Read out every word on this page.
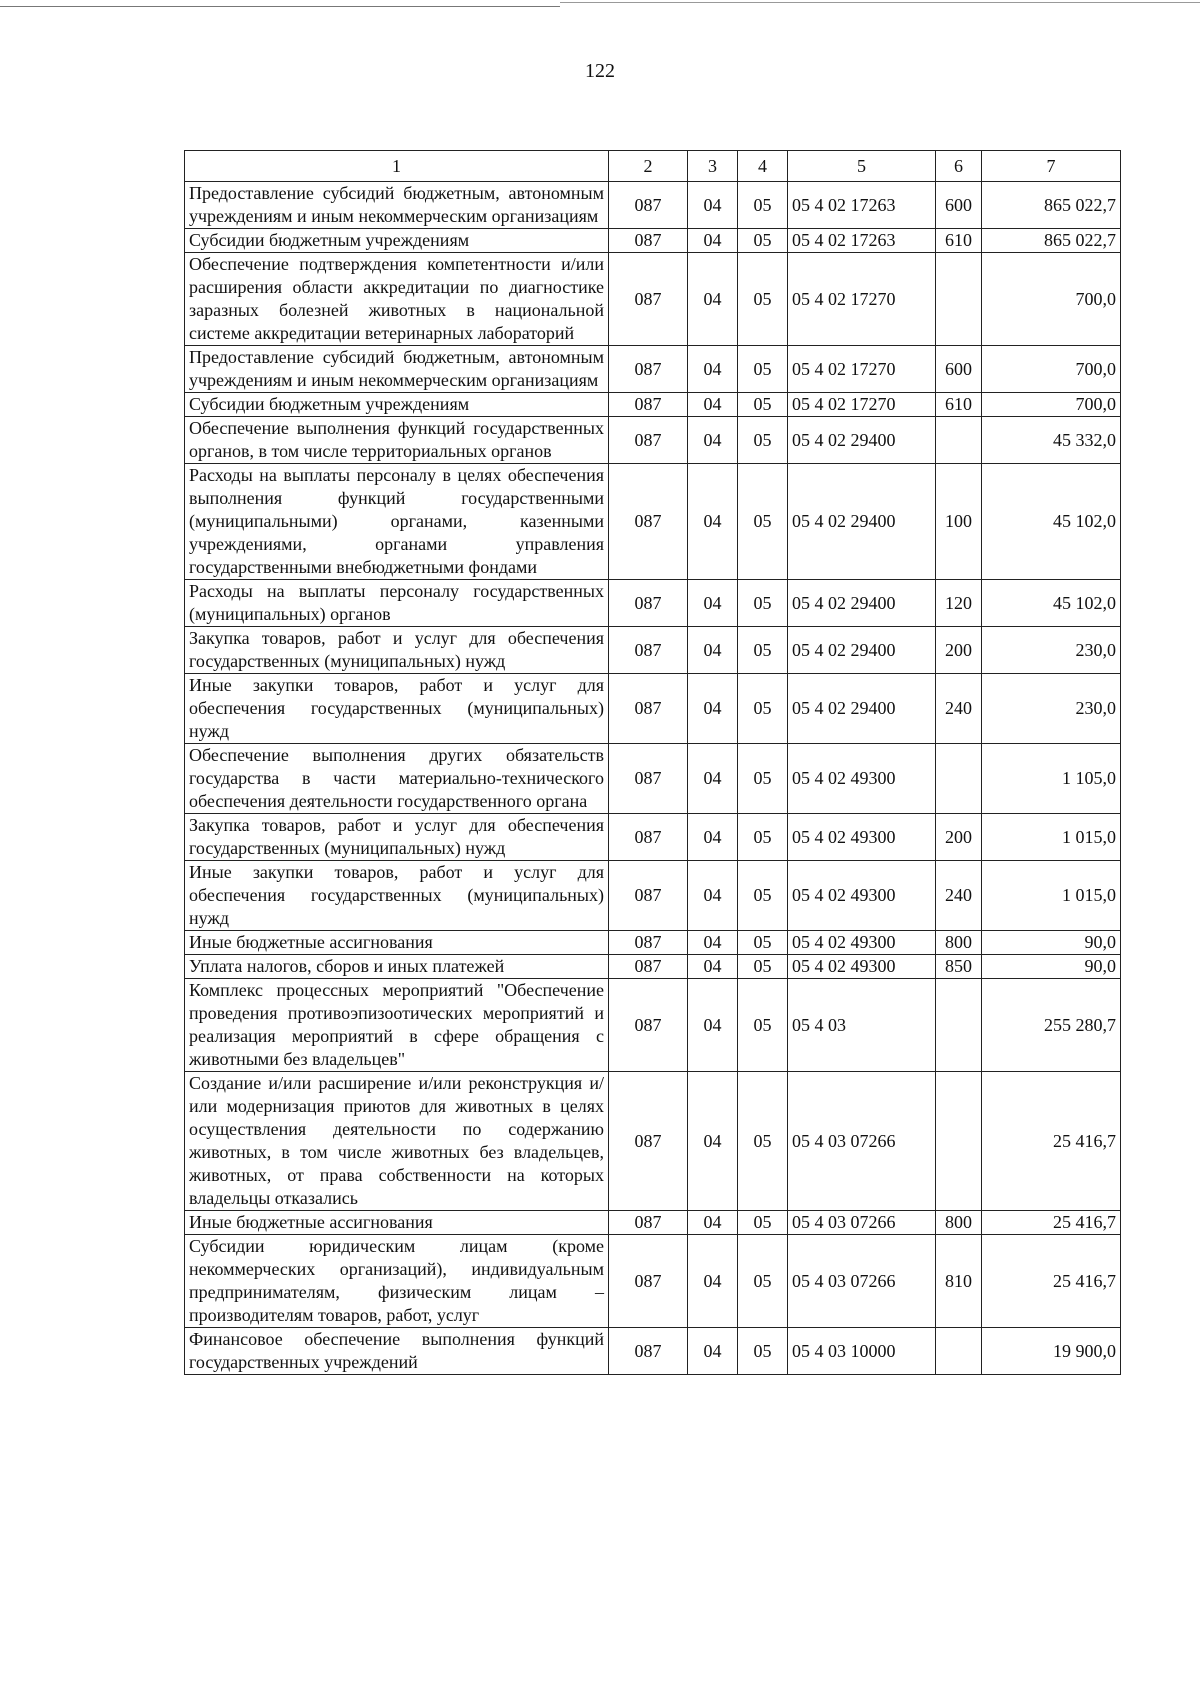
122
1	2	3	4	5	6	7
Предоставление субсидий бюджетным, автономным учреждениям и иным некоммерческим организациям	087	04	05	05 4 02 17263	600	865 022,7
Субсидии бюджетным учреждениям	087	04	05	05 4 02 17263	610	865 022,7
Обеспечение подтверждения компетентности и/или расширения области аккредитации по диагностике заразных болезней животных в национальной системе аккредитации ветеринарных лабораторий	087	04	05	05 4 02 17270		700,0
Предоставление субсидий бюджетным, автономным учреждениям и иным некоммерческим организациям	087	04	05	05 4 02 17270	600	700,0
Субсидии бюджетным учреждениям	087	04	05	05 4 02 17270	610	700,0
Обеспечение выполнения функций государственных органов, в том числе территориальных органов	087	04	05	05 4 02 29400		45 332,0
Расходы на выплаты персоналу в целях обеспечения выполнения функций государственными (муниципальными) органами, казенными учреждениями, органами управления государственными внебюджетными фондами	087	04	05	05 4 02 29400	100	45 102,0
Расходы на выплаты персоналу государственных (муниципальных) органов	087	04	05	05 4 02 29400	120	45 102,0
Закупка товаров, работ и услуг для обеспечения государственных (муниципальных) нужд	087	04	05	05 4 02 29400	200	230,0
Иные закупки товаров, работ и услуг для обеспечения государственных (муниципальных) нужд	087	04	05	05 4 02 29400	240	230,0
Обеспечение выполнения других обязательств государства в части материально-технического обеспечения деятельности государственного органа	087	04	05	05 4 02 49300		1 105,0
Закупка товаров, работ и услуг для обеспечения государственных (муниципальных) нужд	087	04	05	05 4 02 49300	200	1 015,0
Иные закупки товаров, работ и услуг для обеспечения государственных (муниципальных) нужд	087	04	05	05 4 02 49300	240	1 015,0
Иные бюджетные ассигнования	087	04	05	05 4 02 49300	800	90,0
Уплата налогов, сборов и иных платежей	087	04	05	05 4 02 49300	850	90,0
Комплекс процессных мероприятий "Обеспечение проведения противоэпизоотических мероприятий и реализация мероприятий в сфере обращения с животными без владельцев"	087	04	05	05 4 03		255 280,7
Создание и/или расширение и/или реконструкция и/или модернизация приютов для животных в целях осуществления деятельности по содержанию животных, в том числе животных без владельцев, животных, от права собственности на которых владельцы отказались	087	04	05	05 4 03 07266		25 416,7
Иные бюджетные ассигнования	087	04	05	05 4 03 07266	800	25 416,7
Субсидии юридическим лицам (кроме некоммерческих организаций), индивидуальным предпринимателям, физическим лицам – производителям товаров, работ, услуг	087	04	05	05 4 03 07266	810	25 416,7
Финансовое обеспечение выполнения функций государственных учреждений	087	04	05	05 4 03 10000		19 900,0
